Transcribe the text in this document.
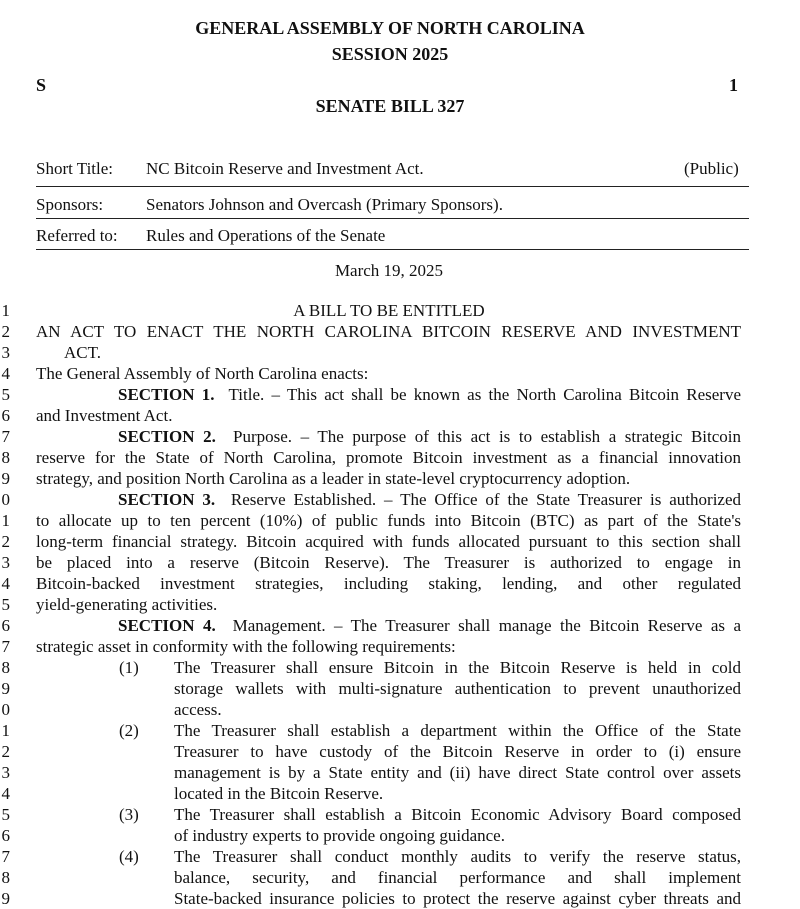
GENERAL ASSEMBLY OF NORTH CAROLINA
SESSION 2025
S	1
SENATE BILL 327
Short Title: NC Bitcoin Reserve and Investment Act.	(Public)
Sponsors:	Senators Johnson and Overcash (Primary Sponsors).
Referred to: Rules and Operations of the Senate
March 19, 2025
1
2
3
4
5
6
7
8
9
0
1
2
3
4
5
6
7
8
9
0
1
2
3
4
5
6
7
8
9
A BILL TO BE ENTITLED
AN ACT TO ENACT THE NORTH CAROLINA BITCOIN RESERVE AND INVESTMENT
ACT.
The General Assembly of North Carolina enacts:
SECTION 1. Title. – This act shall be known as the North Carolina Bitcoin Reserve
and Investment Act.
SECTION 2. Purpose. – The purpose of this act is to establish a strategic Bitcoin
reserve for the State of North Carolina, promote Bitcoin investment as a financial innovation
strategy, and position North Carolina as a leader in state-level cryptocurrency adoption.
SECTION 3. Reserve Established. – The Office of the State Treasurer is authorized
to allocate up to ten percent (10%) of public funds into Bitcoin (BTC) as part of the State's
long-term financial strategy. Bitcoin acquired with funds allocated pursuant to this section shall
be placed into a reserve (Bitcoin Reserve). The Treasurer is authorized to engage in
Bitcoin-backed investment strategies, including staking, lending, and other regulated
yield-generating activities.
SECTION 4. Management. – The Treasurer shall manage the Bitcoin Reserve as a
strategic asset in conformity with the following requirements:
(1) The Treasurer shall ensure Bitcoin in the Bitcoin Reserve is held in cold
storage wallets with multi-signature authentication to prevent unauthorized
access.
(2) The Treasurer shall establish a department within the Office of the State
Treasurer to have custody of the Bitcoin Reserve in order to (i) ensure
management is by a State entity and (ii) have direct State control over assets
located in the Bitcoin Reserve.
(3) The Treasurer shall establish a Bitcoin Economic Advisory Board composed
of industry experts to provide ongoing guidance.
(4) The Treasurer shall conduct monthly audits to verify the reserve status,
balance, security, and financial performance and shall implement
State-backed insurance policies to protect the reserve against cyber threats and
